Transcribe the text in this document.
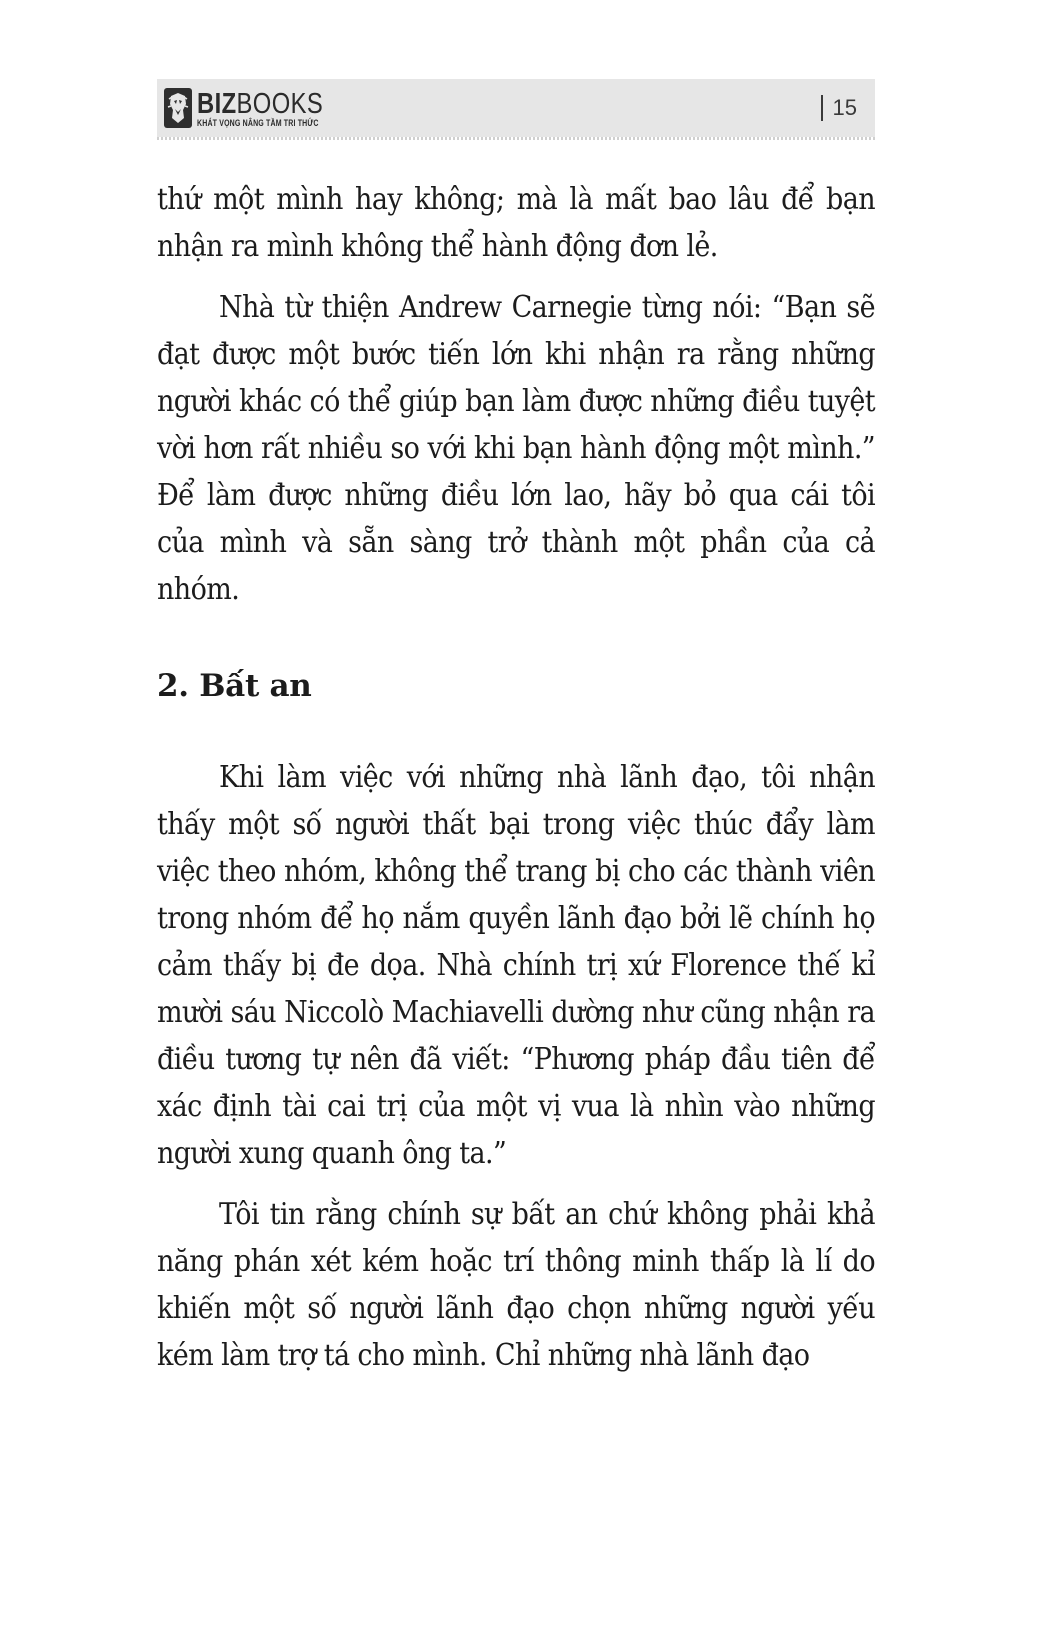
BIZBOOKS
KHÁT VỌNG NÂNG TẦM TRI THỨC
15

thứ một mình hay không; mà là mất bao lâu để bạn nhận ra mình không thể hành động đơn lẻ.

Nhà từ thiện Andrew Carnegie từng nói: “Bạn sẽ đạt được một bước tiến lớn khi nhận ra rằng những người khác có thể giúp bạn làm được những điều tuyệt vời hơn rất nhiều so với khi bạn hành động một mình.” Để làm được những điều lớn lao, hãy bỏ qua cái tôi của mình và sẵn sàng trở thành một phần của cả nhóm.

2. Bất an

Khi làm việc với những nhà lãnh đạo, tôi nhận thấy một số người thất bại trong việc thúc đẩy làm việc theo nhóm, không thể trang bị cho các thành viên trong nhóm để họ nắm quyền lãnh đạo bởi lẽ chính họ cảm thấy bị đe dọa. Nhà chính trị xứ Florence thế kỉ mười sáu Niccolò Machiavelli dường như cũng nhận ra điều tương tự nên đã viết: “Phương pháp đầu tiên để xác định tài cai trị của một vị vua là nhìn vào những người xung quanh ông ta.”

Tôi tin rằng chính sự bất an chứ không phải khả năng phán xét kém hoặc trí thông minh thấp là lí do khiến một số người lãnh đạo chọn những người yếu kém làm trợ tá cho mình. Chỉ những nhà lãnh đạo
